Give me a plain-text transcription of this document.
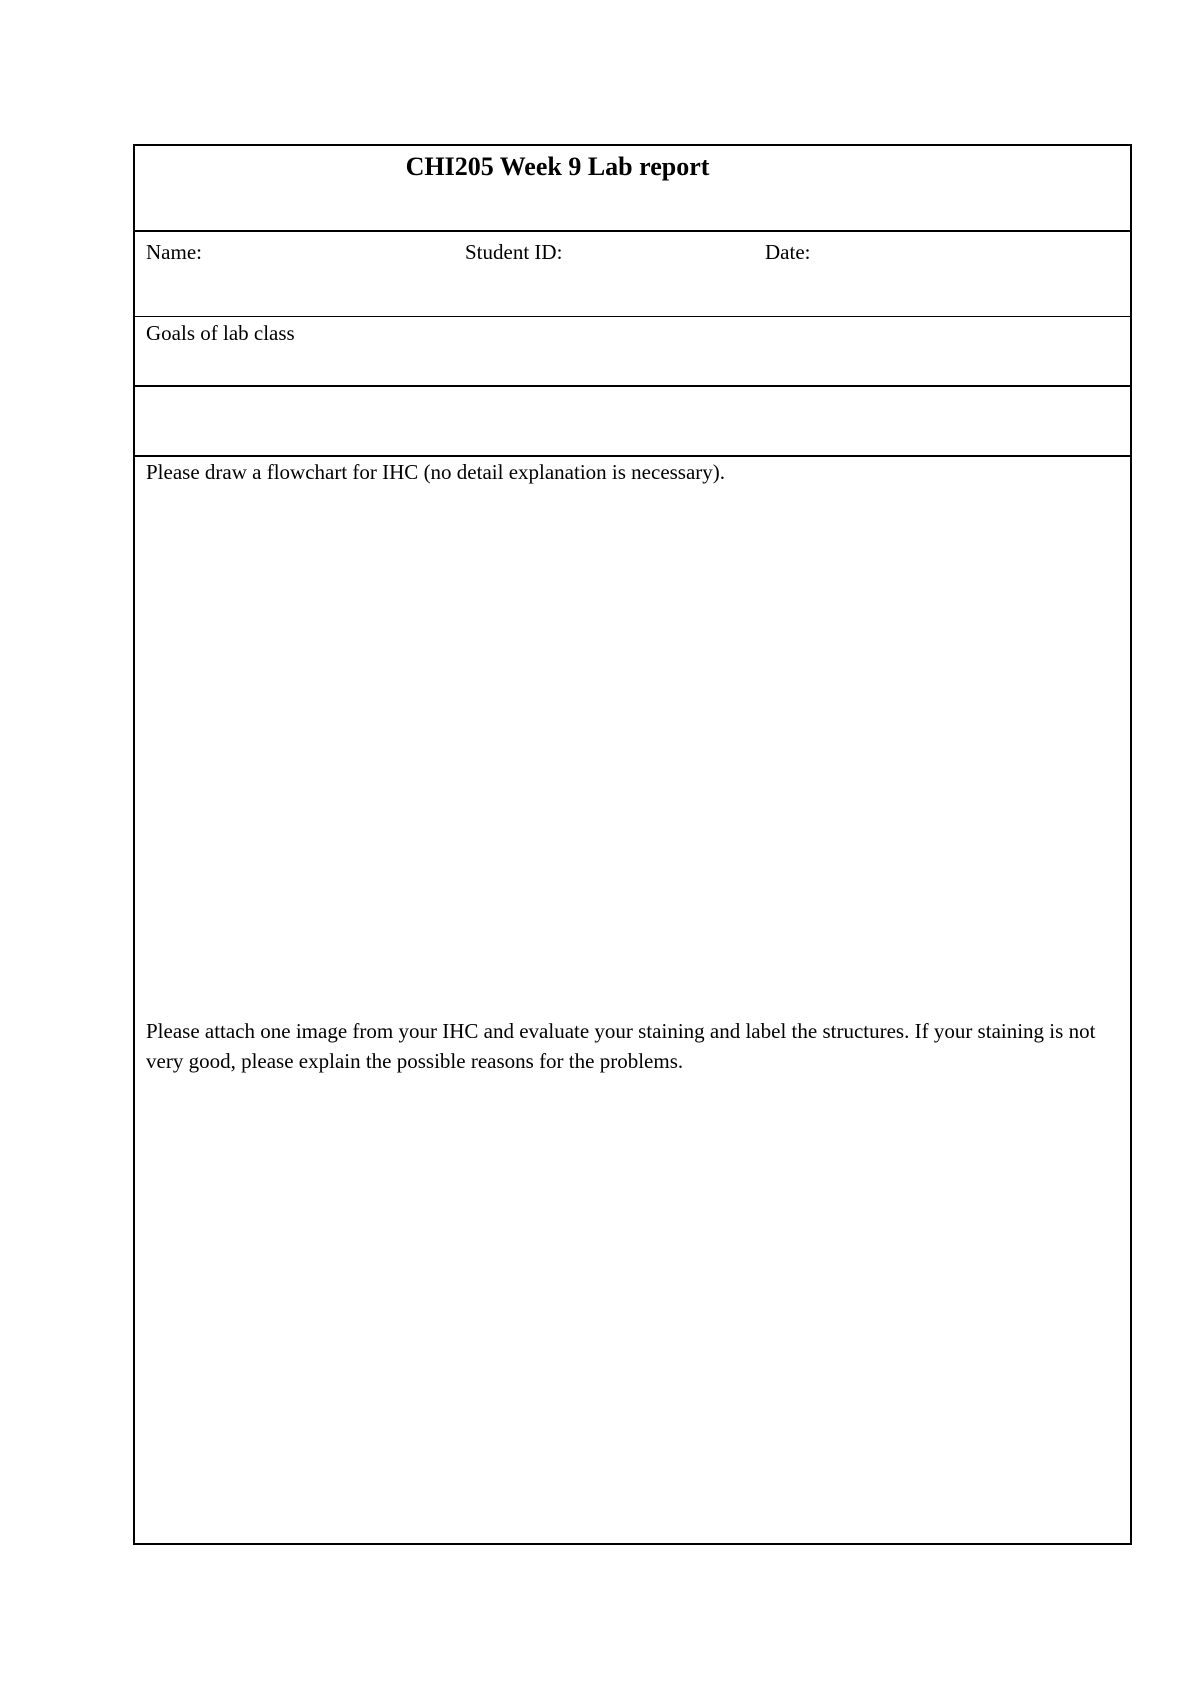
CHI205 Week 9 Lab report
Name:	Student ID:	Date:
Goals of lab class
Please draw a flowchart for IHC (no detail explanation is necessary).
Please attach one image from your IHC and evaluate your staining and label the structures. If your staining is not very good, please explain the possible reasons for the problems.
